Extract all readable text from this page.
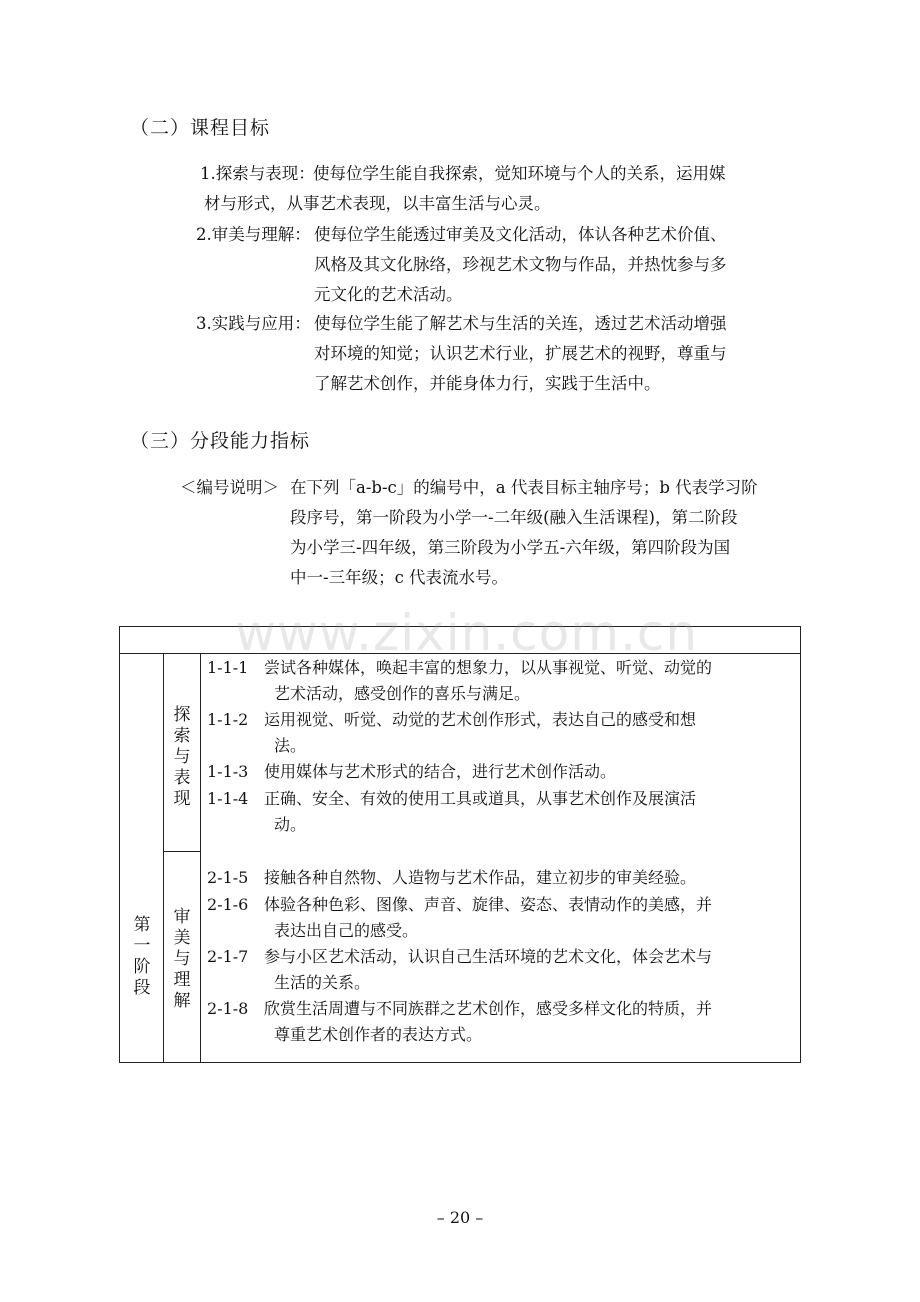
（二）课程目标
1.探索与表现：
使每位学生能自我探索，觉知环境与个人的关系，运用媒
材与形式，从事艺术表现，以丰富生活与心灵。
2.审美与理解： 使每位学生能透过审美及文化活动，体认各种艺术价值、
风格及其文化脉络，珍视艺术文物与作品，并热忱参与多
元文化的艺术活动。
3.实践与应用： 使每位学生能了解艺术与生活的关连，透过艺术活动增强
对环境的知觉；认识艺术行业，扩展艺术的视野，尊重与
了解艺术创作，并能身体力行，实践于生活中。
（三）分段能力指标
＜编号说明＞ 在下列「a-b-c」的编号中，a 代表目标主轴序号；b 代表学习阶
段序号，第一阶段为小学一-二年级(融入生活课程)，第二阶段
为小学三-四年级，第三阶段为小学五-六年级，第四阶段为国
中一-三年级；c 代表流水号。
第一阶段
探索与表现
审美与理解
1-1-1 尝试各种媒体，唤起丰富的想象力，以从事视觉、听觉、动觉的
艺术活动，感受创作的喜乐与满足。
1-1-2 运用视觉、听觉、动觉的艺术创作形式，表达自己的感受和想
法。
1-1-3 使用媒体与艺术形式的结合，进行艺术创作活动。
1-1-4 正确、安全、有效的使用工具或道具，从事艺术创作及展演活
动。
2-1-5 接触各种自然物、人造物与艺术作品，建立初步的审美经验。
2-1-6 体验各种色彩、图像、声音、旋律、姿态、表情动作的美感，并
表达出自己的感受。
2-1-7 参与小区艺术活动，认识自己生活环境的艺术文化，体会艺术与
生活的关系。
2-1-8 欣赏生活周遭与不同族群之艺术创作，感受多样文化的特质，并
尊重艺术创作者的表达方式。
www.zixin.com.cn
– 20 –
